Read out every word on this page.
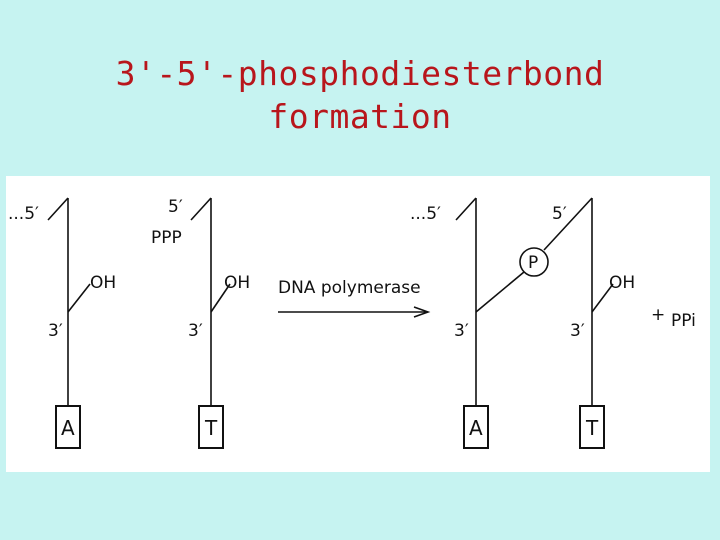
3'-5'-phosphodiesterbond
formation
...5′
OH
3′
A
5′
PPP
OH
3′
T
DNA polymerase
...5′
3′
A
P
5′
OH
3′
T
+ PPi
